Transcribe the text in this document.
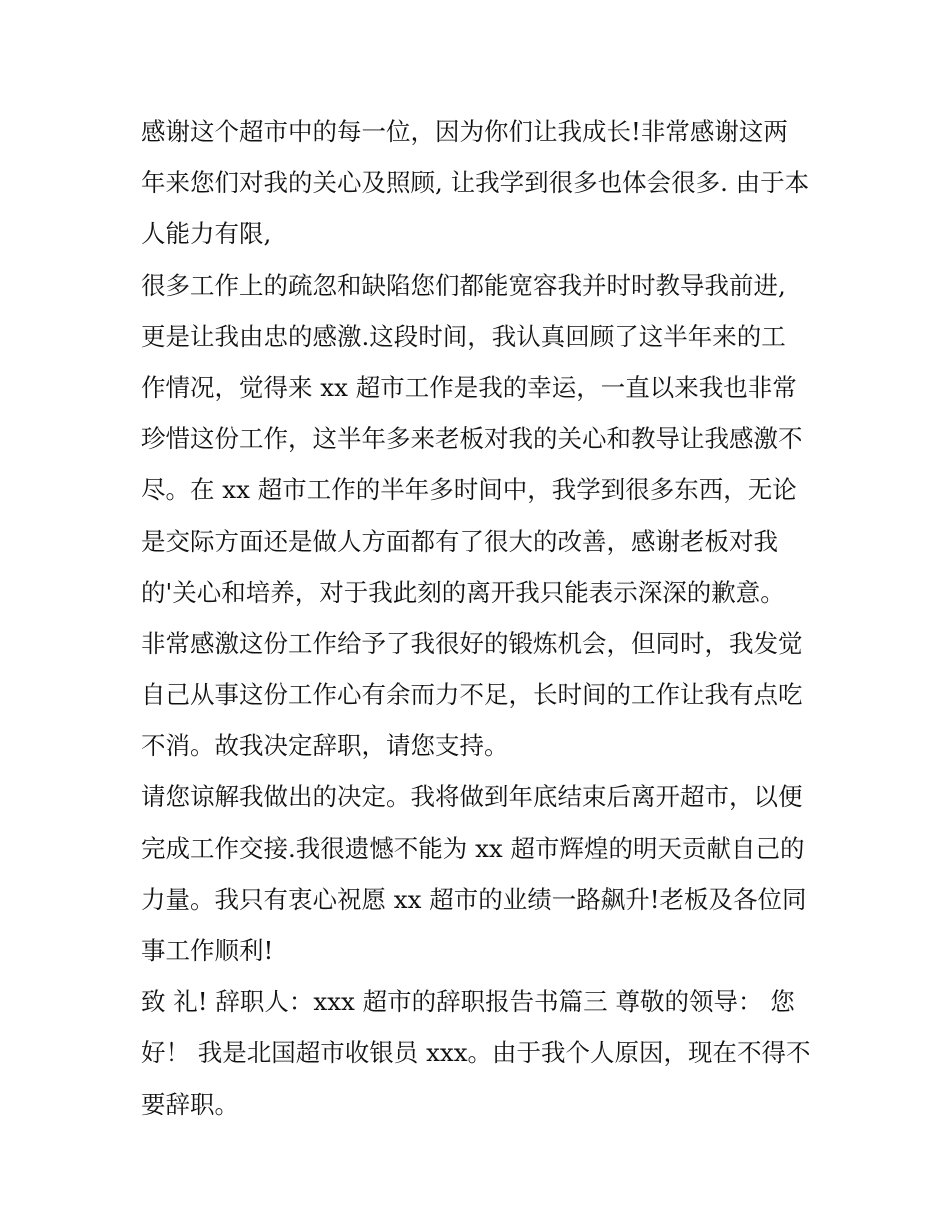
感谢这个超市中的每一位，因为你们让我成长!非常感谢这两
年来您们对我的关心及照顾, 让我学到很多也体会很多. 由于本
人能力有限,
很多工作上的疏忽和缺陷您们都能宽容我并时时教导我前进,
更是让我由忠的感激.这段时间，我认真回顾了这半年来的工
作情况，觉得来 xx 超市工作是我的幸运，一直以来我也非常
珍惜这份工作，这半年多来老板对我的关心和教导让我感激不
尽。在 xx 超市工作的半年多时间中，我学到很多东西，无论
是交际方面还是做人方面都有了很大的改善，感谢老板对我
的'关心和培养，对于我此刻的离开我只能表示深深的歉意。
非常感激这份工作给予了我很好的锻炼机会，但同时，我发觉
自己从事这份工作心有余而力不足，长时间的工作让我有点吃
不消。故我决定辞职，请您支持。
请您谅解我做出的决定。我将做到年底结束后离开超市，以便
完成工作交接.我很遗憾不能为 xx 超市辉煌的明天贡献自己的
力量。我只有衷心祝愿 xx 超市的业绩一路飙升!老板及各位同
事工作顺利!
致 礼! 辞职人：xxx 超市的辞职报告书篇三 尊敬的领导： 您
好！ 我是北国超市收银员 xxx。由于我个人原因，现在不得不
要辞职。
